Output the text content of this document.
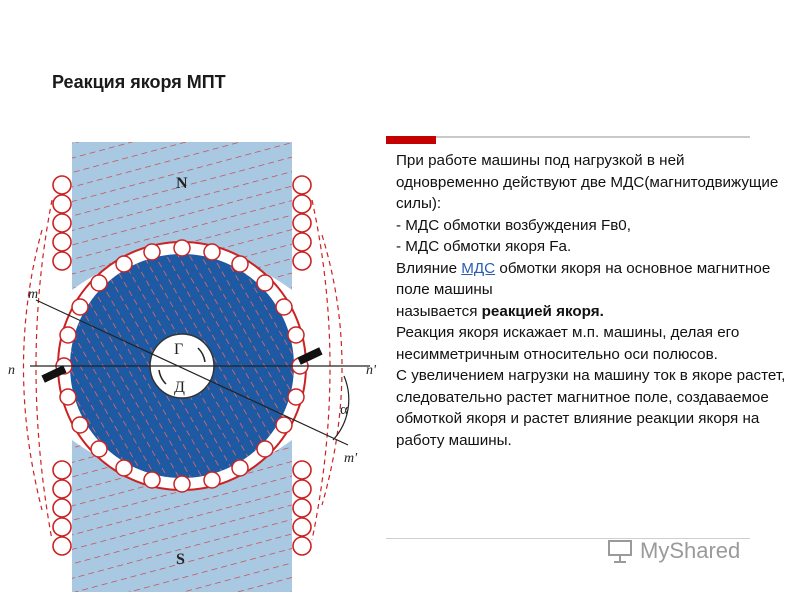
Реакция якоря МПТ

При работе машины под нагрузкой в ней одновременно действуют две МДС(магнитодвижущие силы):

- МДС обмотки возбуждения Fв0,

- МДС обмотки якоря Fa.

Влияние МДС обмотки якоря на основное магнитное поле машины

называется реакцией якоря.

Реакция якоря искажает м.п. машины, делая его несимметричным относительно оси полюсов.

С увеличением нагрузки на машину ток в якоре растет, следовательно растет магнитное поле, создаваемое обмоткой якоря и растет влияние реакции якоря на работу машины.

N
S
Г
Д
m
m'
n	n'
α
MyShared
